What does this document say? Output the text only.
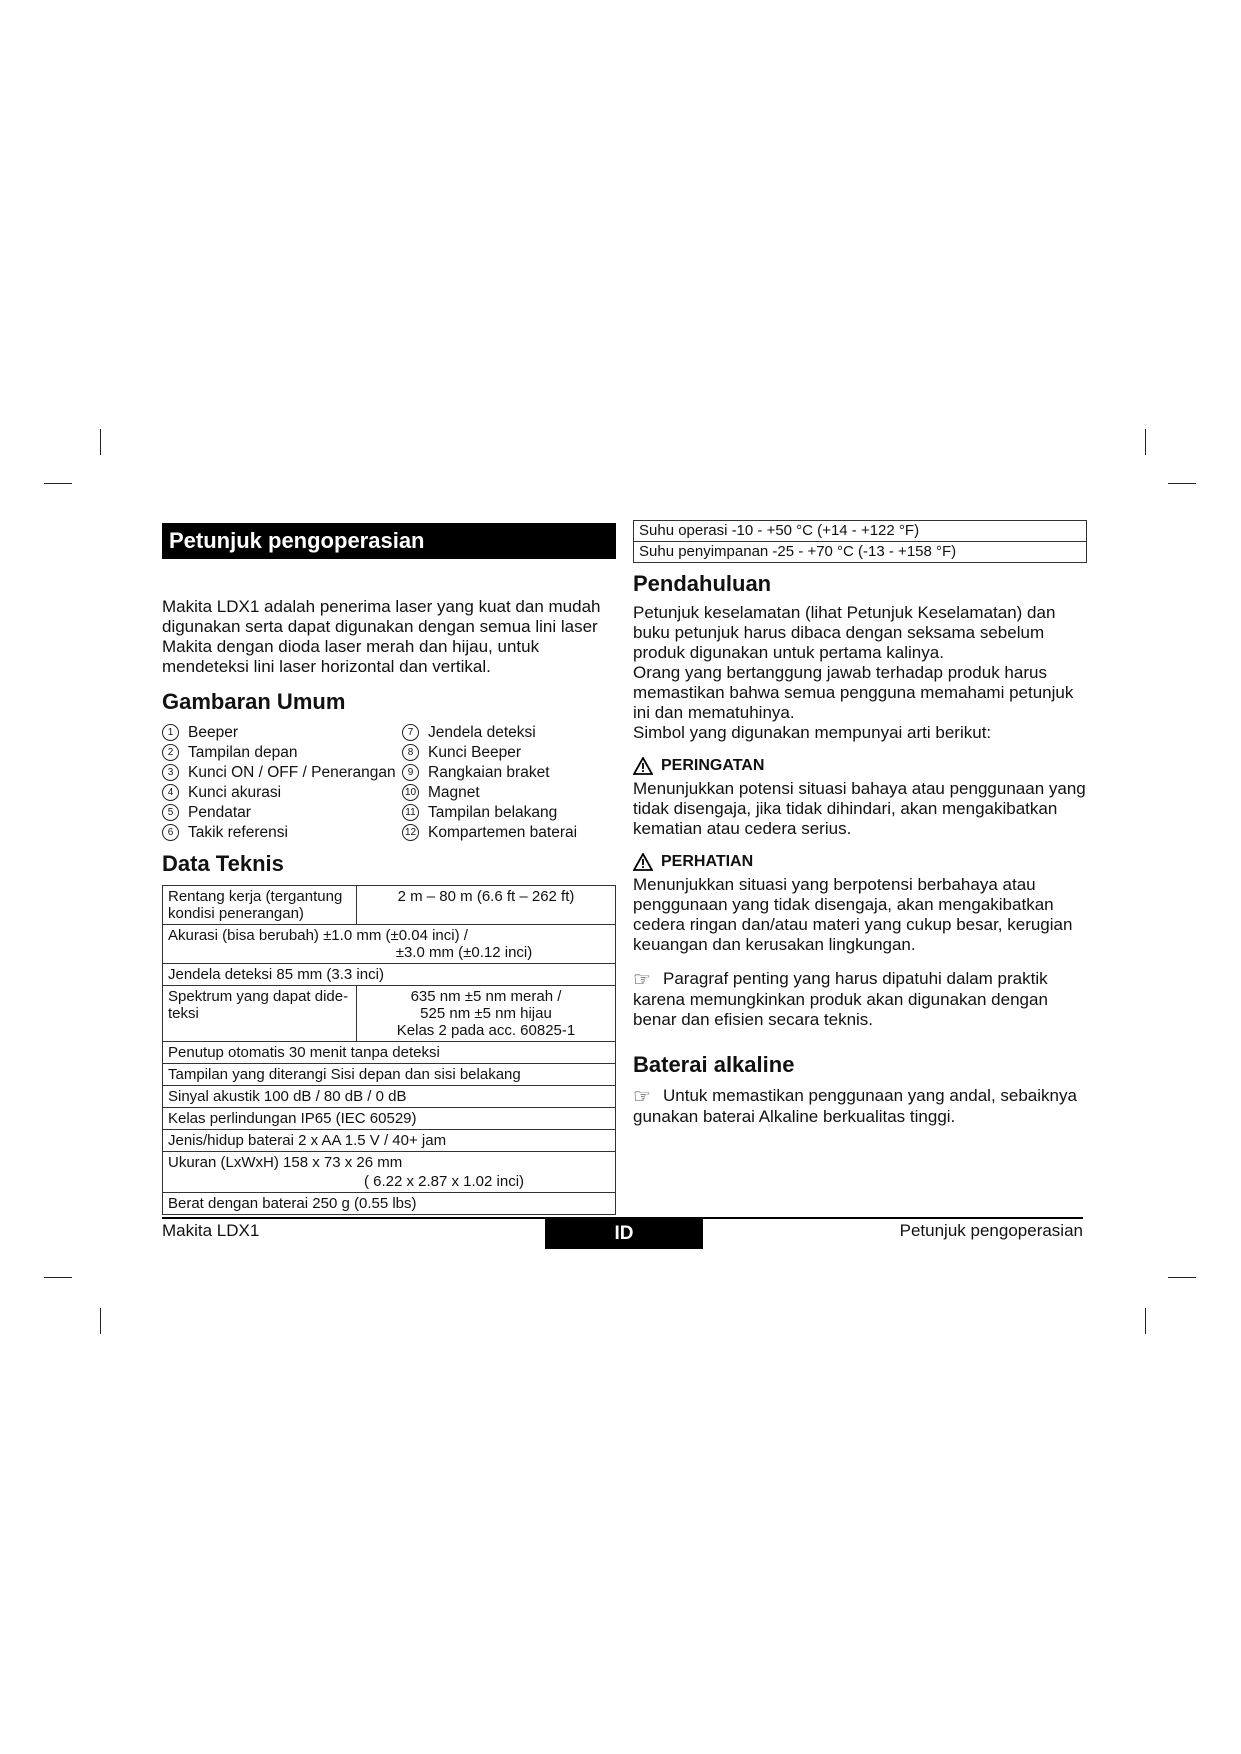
Petunjuk pengoperasian

Makita LDX1 adalah penerima laser yang kuat dan mudah digunakan serta dapat digunakan dengan semua lini laser Makita dengan dioda laser merah dan hijau, untuk mendeteksi lini laser horizontal dan vertikal.

Gambaran Umum
1 Beeper
2 Tampilan depan
3 Kunci ON / OFF / Penerangan
4 Kunci akurasi
5 Pendatar
6 Takik referensi
7 Jendela deteksi
8 Kunci Beeper
9 Rangkaian braket
10 Magnet
11 Tampilan belakang
12 Kompartemen baterai
Data Teknis
Rentang kerja (tergantung kondisi penerangan)	2 m – 80 m (6.6 ft – 262 ft)

Akurasi (bisa berubah) ±1.0 mm (±0.04 inci) /
±3.0 mm (±0.12 inci)	

Jendela deteksi 85 mm (3.3 inci)	
Spektrum yang dapat dide- teksi	635 nm ±5 nm merah /
525 nm ±5 nm hijau
Kelas 2 pada acc. 60825-1

Penutup otomatis 30 menit tanpa deteksi	
Tampilan yang diterangi Sisi depan dan sisi belakang	
Sinyal akustik 100 dB / 80 dB / 0 dB	
Kelas perlindungan IP65 (IEC 60529)	
Jenis/hidup baterai 2 x AA 1.5 V / 40+ jam	

Ukuran (LxWxH) 158 x 73 x 26 mm
( 6.22 x 2.87 x 1.02 inci)	

Berat dengan baterai 250 g (0.55 lbs)	
Suhu operasi -10 - +50 °C (+14 - +122 °F)
Suhu penyimpanan -25 - +70 °C (-13 - +158 °F)
Pendahuluan

Petunjuk keselamatan (lihat Petunjuk Keselamatan) dan buku petunjuk harus dibaca dengan seksama sebelum produk digunakan untuk pertama kalinya.

Orang yang bertanggung jawab terhadap produk harus memastikan bahwa semua pengguna memahami petunjuk ini dan mematuhinya.

Simbol yang digunakan mempunyai arti berikut:

PERINGATAN

Menunjukkan potensi situasi bahaya atau penggunaan yang tidak disengaja, jika tidak dihindari, akan mengakibatkan kematian atau cedera serius.

PERHATIAN

Menunjukkan situasi yang berpotensi berbahaya atau penggunaan yang tidak disengaja, akan mengakibatkan cedera ringan dan/atau materi yang cukup besar, kerugian keuangan dan kerusakan lingkungan.

☞ Paragraf penting yang harus dipatuhi dalam praktik karena memungkinkan produk akan digunakan dengan benar dan efisien secara teknis.

Baterai alkaline

☞ Untuk memastikan penggunaan yang andal, sebaiknya gunakan baterai Alkaline berkualitas tinggi.

Makita LDX1	ID	Petunjuk pengoperasian
